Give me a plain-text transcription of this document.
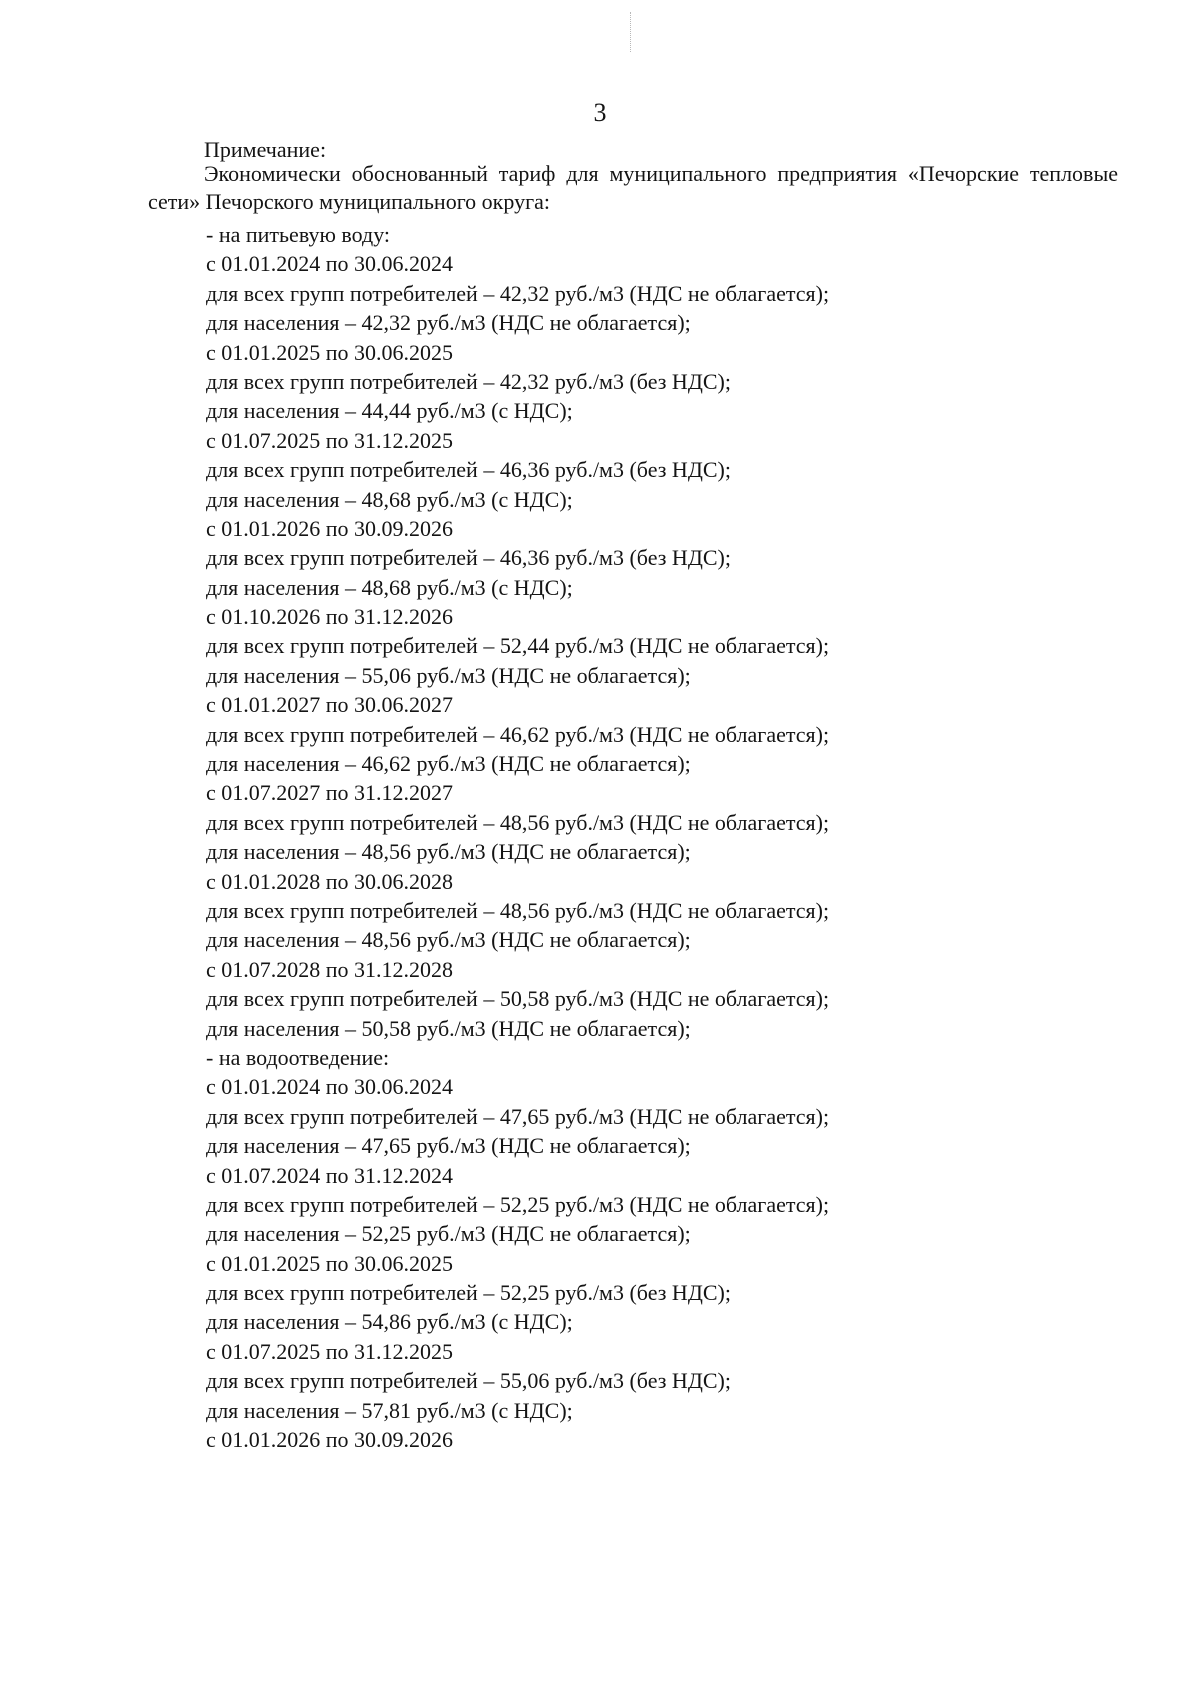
3
Примечание:
Экономически обоснованный тариф для муниципального предприятия «Печорские тепловые сети» Печорского муниципального округа:
- на питьевую воду:
с 01.01.2024 по 30.06.2024
для всех групп потребителей – 42,32 руб./м3 (НДС не облагается);
для населения – 42,32 руб./м3 (НДС не облагается);
с 01.01.2025 по 30.06.2025
для всех групп потребителей – 42,32 руб./м3 (без НДС);
для населения – 44,44 руб./м3 (с НДС);
с 01.07.2025 по 31.12.2025
для всех групп потребителей – 46,36 руб./м3 (без НДС);
для населения – 48,68 руб./м3 (с НДС);
с 01.01.2026 по 30.09.2026
для всех групп потребителей – 46,36 руб./м3 (без НДС);
для населения – 48,68 руб./м3 (с НДС);
с 01.10.2026 по 31.12.2026
для всех групп потребителей – 52,44 руб./м3 (НДС не облагается);
для населения – 55,06 руб./м3 (НДС не облагается);
с 01.01.2027 по 30.06.2027
для всех групп потребителей – 46,62 руб./м3 (НДС не облагается);
для населения – 46,62 руб./м3 (НДС не облагается);
с 01.07.2027 по 31.12.2027
для всех групп потребителей – 48,56 руб./м3 (НДС не облагается);
для населения – 48,56 руб./м3 (НДС не облагается);
с 01.01.2028 по 30.06.2028
для всех групп потребителей – 48,56 руб./м3 (НДС не облагается);
для населения – 48,56 руб./м3 (НДС не облагается);
с 01.07.2028 по 31.12.2028
для всех групп потребителей – 50,58 руб./м3 (НДС не облагается);
для населения – 50,58 руб./м3 (НДС не облагается);
- на водоотведение:
с 01.01.2024 по 30.06.2024
для всех групп потребителей – 47,65 руб./м3 (НДС не облагается);
для населения – 47,65 руб./м3 (НДС не облагается);
с 01.07.2024 по 31.12.2024
для всех групп потребителей – 52,25 руб./м3 (НДС не облагается);
для населения – 52,25 руб./м3 (НДС не облагается);
с 01.01.2025 по 30.06.2025
для всех групп потребителей – 52,25 руб./м3 (без НДС);
для населения – 54,86 руб./м3 (с НДС);
с 01.07.2025 по 31.12.2025
для всех групп потребителей – 55,06 руб./м3 (без НДС);
для населения – 57,81 руб./м3 (с НДС);
с 01.01.2026 по 30.09.2026
